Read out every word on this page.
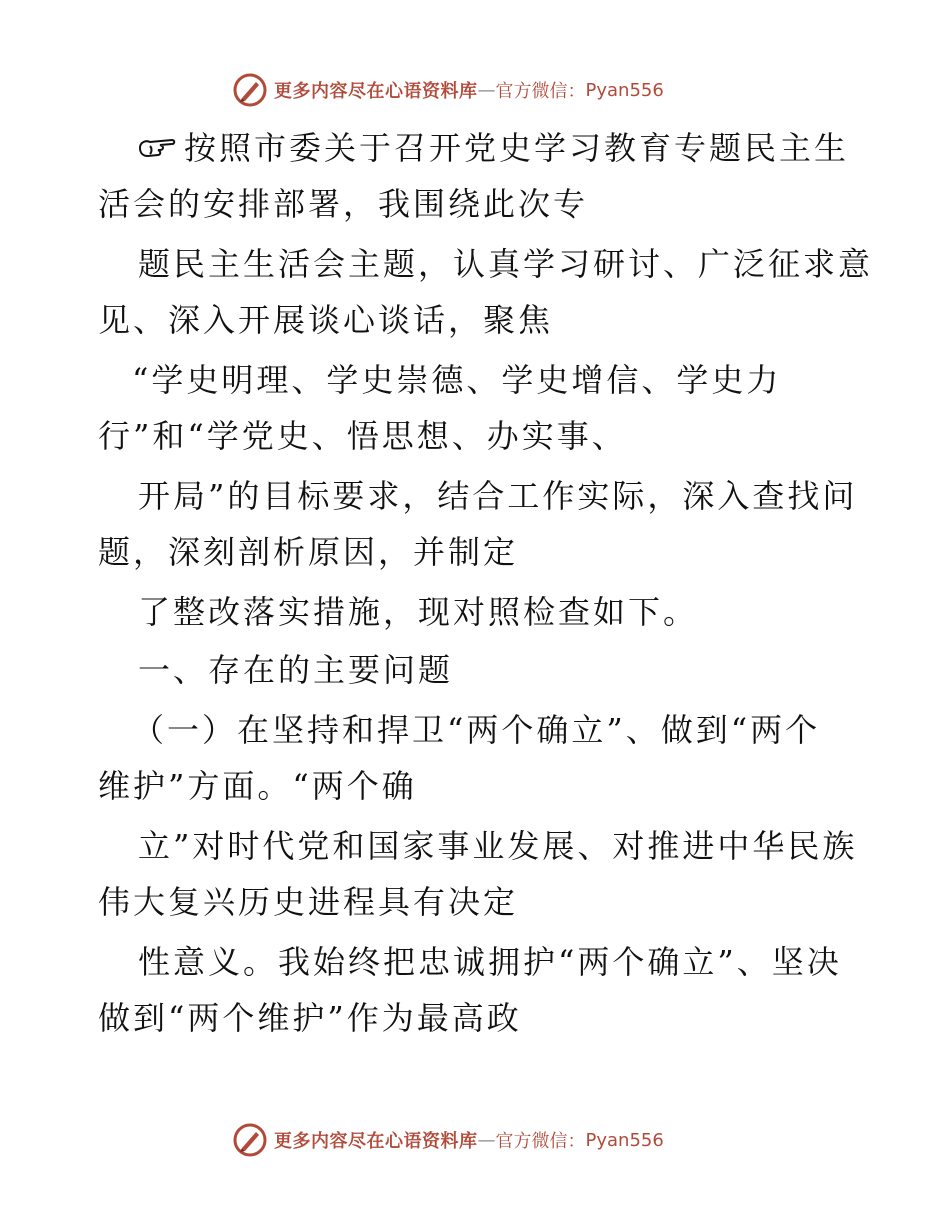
更多内容尽在心语资料库 — 官方微信： Pyan556
按照市委关于召开党史学习教育专题民主生
活会的安排部署，我围绕此次专
题民主生活会主题，认真学习研讨、广泛征求意
见、深入开展谈心谈话，聚焦
“学史明理、学史崇德、学史增信、学史力
行”和“学党史、悟思想、办实事、
开局”的目标要求，结合工作实际，深入查找问
题，深刻剖析原因，并制定
了整改落实措施，现对照检查如下。
一、存在的主要问题
（一）在坚持和捍卫“两个确立”、做到“两个
维护”方面。“两个确
立”对时代党和国家事业发展、对推进中华民族
伟大复兴历史进程具有决定
性意义。我始终把忠诚拥护“两个确立”、坚决
做到“两个维护”作为最高政
更多内容尽在心语资料库 — 官方微信： Pyan556
